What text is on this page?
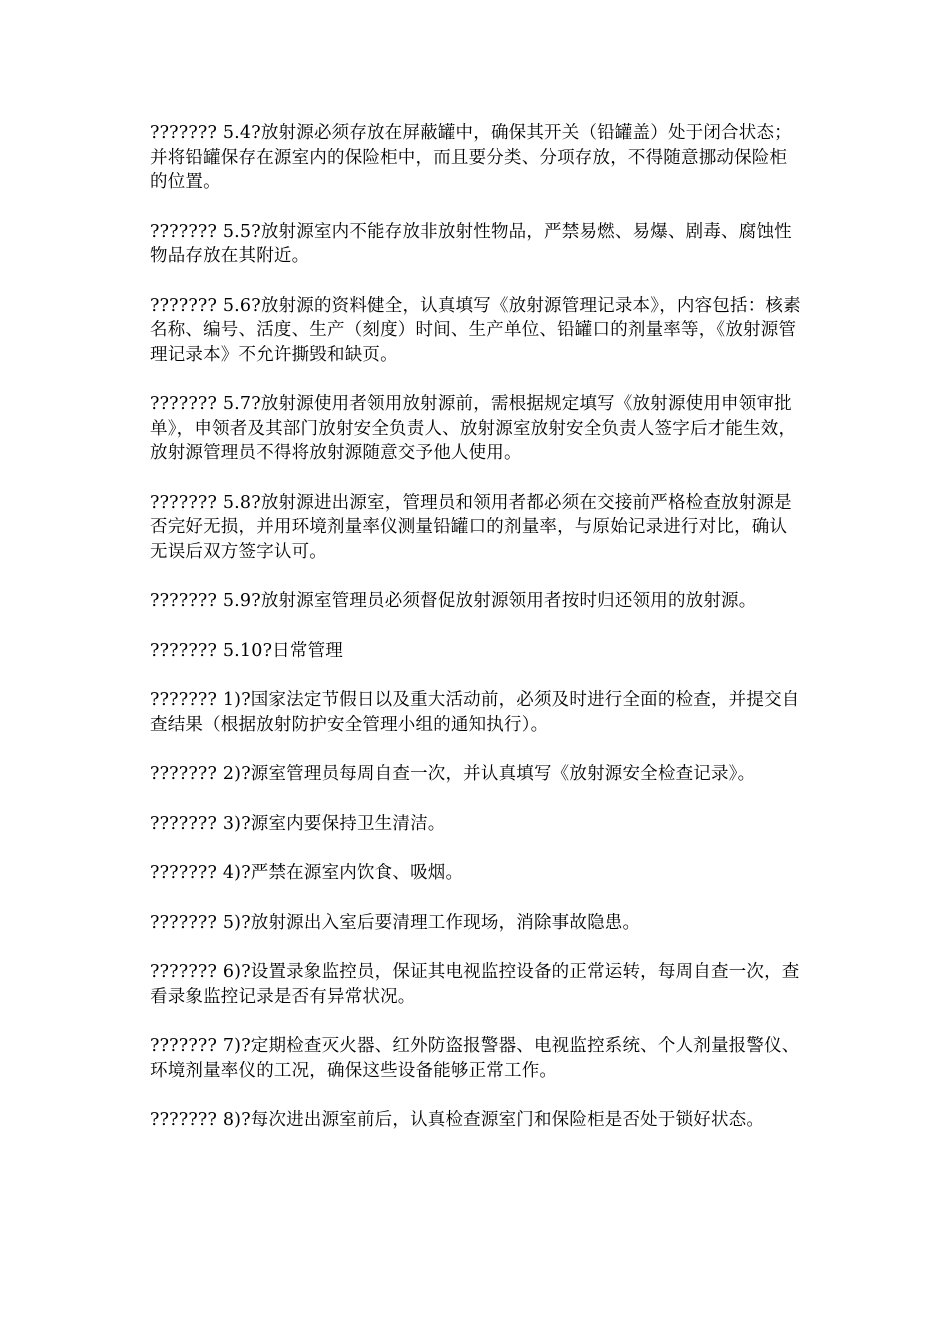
??????? 5.4?放射源必须存放在屏蔽罐中，确保其开关（铅罐盖）处于闭合状态；并将铅罐保存在源室内的保险柜中，而且要分类、分项存放，不得随意挪动保险柜的位置。

??????? 5.5?放射源室内不能存放非放射性物品，严禁易燃、易爆、剧毒、腐蚀性物品存放在其附近。

??????? 5.6?放射源的资料健全，认真填写《放射源管理记录本》，内容包括：核素名称、编号、活度、生产（刻度）时间、生产单位、铅罐口的剂量率等，《放射源管理记录本》不允许撕毁和缺页。

??????? 5.7?放射源使用者领用放射源前，需根据规定填写《放射源使用申领审批单》，申领者及其部门放射安全负责人、放射源室放射安全负责人签字后才能生效，放射源管理员不得将放射源随意交予他人使用。

??????? 5.8?放射源进出源室，管理员和领用者都必须在交接前严格检查放射源是否完好无损，并用环境剂量率仪测量铅罐口的剂量率，与原始记录进行对比，确认无误后双方签字认可。

??????? 5.9?放射源室管理员必须督促放射源领用者按时归还领用的放射源。

??????? 5.10?日常管理

??????? 1)?国家法定节假日以及重大活动前，必须及时进行全面的检查，并提交自查结果（根据放射防护安全管理小组的通知执行）。

??????? 2)?源室管理员每周自查一次，并认真填写《放射源安全检查记录》。

??????? 3)?源室内要保持卫生清洁。

??????? 4)?严禁在源室内饮食、吸烟。

??????? 5)?放射源出入室后要清理工作现场，消除事故隐患。

??????? 6)?设置录象监控员，保证其电视监控设备的正常运转，每周自查一次，查看录象监控记录是否有异常状况。

??????? 7)?定期检查灭火器、红外防盗报警器、电视监控系统、个人剂量报警仪、环境剂量率仪的工况，确保这些设备能够正常工作。

??????? 8)?每次进出源室前后，认真检查源室门和保险柜是否处于锁好状态。
